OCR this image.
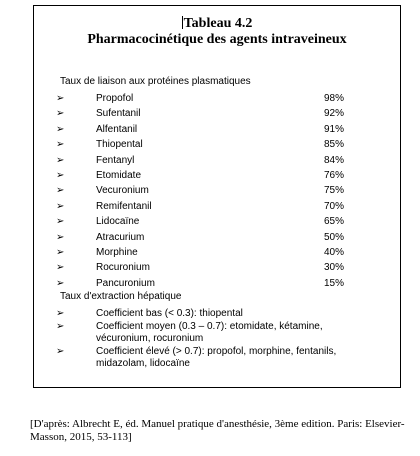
Tableau 4.2
Pharmacocinétique des agents intraveineux
Taux de liaison aux protéines plasmatiques
➢	Propofol	98%
➢	Sufentanil	92%
➢	Alfentanil	91%
➢	Thiopental	85%
➢	Fentanyl	84%
➢	Etomidate	76%
➢	Vecuronium	75%
➢	Remifentanil	70%
➢	Lidocaïne	65%
➢	Atracurium	50%
➢	Morphine	40%
➢	Rocuronium	30%
➢	Pancuronium	15%
Taux d'extraction hépatique
➢	Coefficient bas (< 0.3): thiopental
➢	Coefficient moyen (0.3 – 0.7): etomidate, kétamine, vécuronium, rocuronium
➢	Coefficient élevé (> 0.7): propofol, morphine, fentanils, midazolam, lidocaïne
[D'après: Albrecht E, éd. Manuel pratique d'anesthésie, 3ème edition. Paris: Elsevier-Masson, 2015, 53-113]
